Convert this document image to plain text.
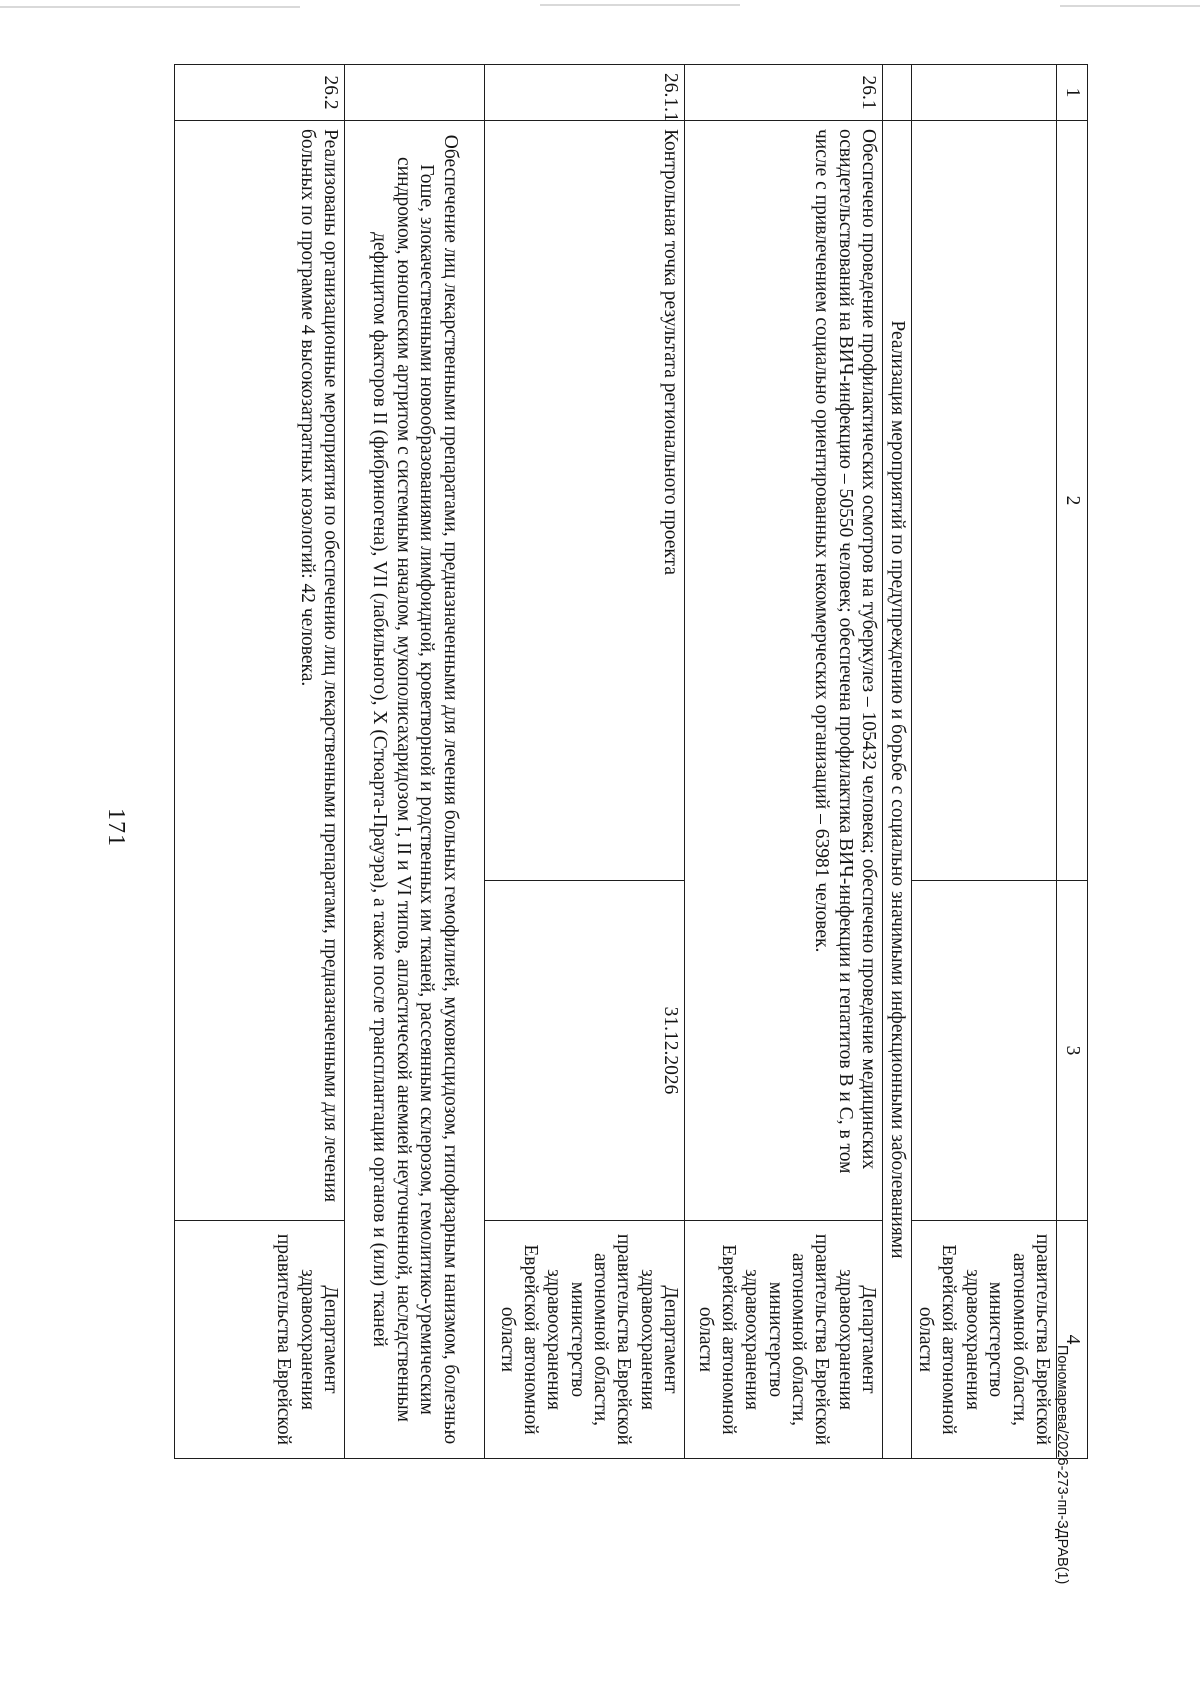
171
1	2	3	4
			правительства Еврейской автономной области, министерство здравоохранения Еврейской автономной области
	Реализация мероприятий по предупреждению и борьбе с социально значимыми инфекционными заболеваниями		
26.1	Обеспечено проведение профилактических осмотров на туберкулез – 105432 человека; обеспечено проведение медицинских освидетельствований на ВИЧ-инфекцию – 50550 человек; обеспечена профилактика ВИЧ-инфекции и гепатитов В и С, в том числе с привлечением социально ориентированных некоммерческих организаций – 63981 человек.		Департамент здравоохранения правительства Еврейской автономной области, министерство здравоохранения Еврейской автономной области
26.1.1	Контрольная точка результата регионального проекта	31.12.2026	Департамент здравоохранения правительства Еврейской автономной области, министерство здравоохранения Еврейской автономной области
	Обеспечение лиц лекарственными препаратами, предназначенными для лечения больных гемофилией, муковисцидозом, гипофизарным нанизмом, болезнью Гоше, злокачественными новообразованиями лимфоидной, кроветворной и родственных им тканей, рассеянным склерозом, гемолитико-уремическим синдромом, юношеским артритом с системным началом, мукополисахаридозом I, II и VI типов, апластической анемией неуточненной, наследственным дефицитом факторов II (фибриногена), VII (лабильного), X (Стюарта-Прауэра), а также после трансплантации органов и (или) тканей		
26.2	Реализованы организационные мероприятия по обеспечению лиц лекарственными препаратами, предназначенными для лечения больных по программе 4 высокозатратных нозологий: 42 человека.		Департамент здравоохранения правительства Еврейской
Пономарева/2026-273-пп-ЗДРАВ(1)
